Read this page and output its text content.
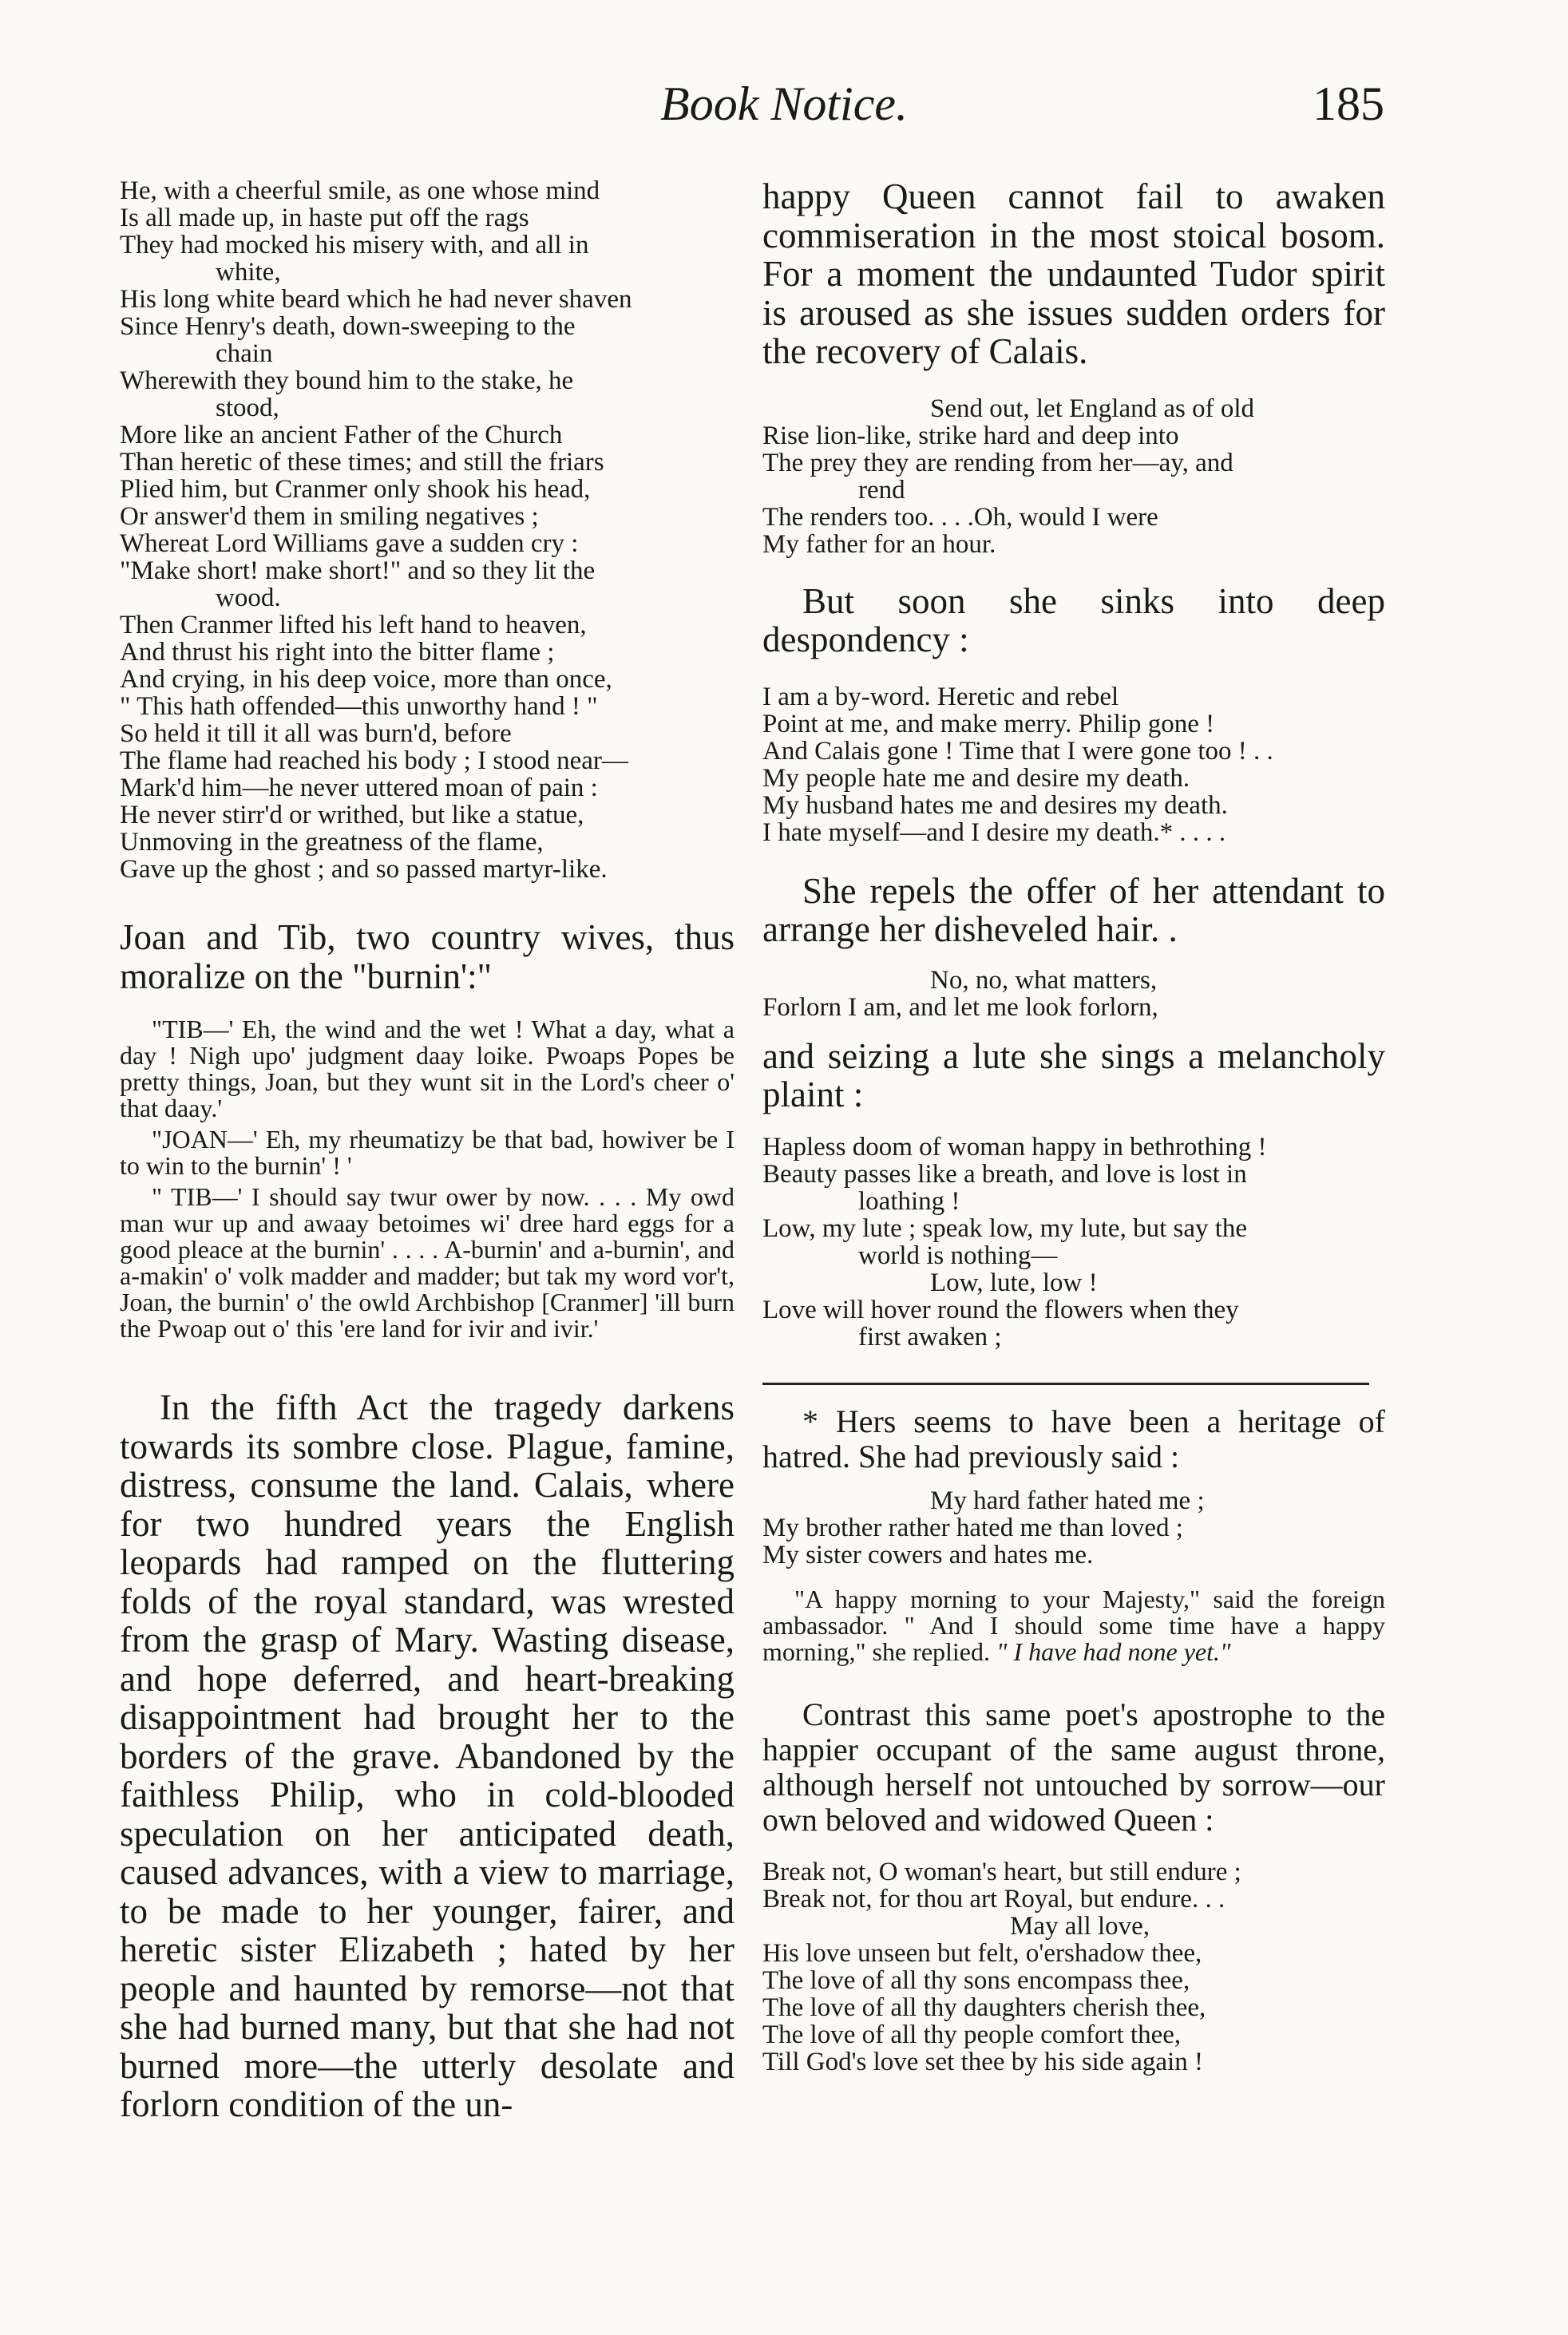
Book Notice.	185
He, with a cheerful smile, as one whose mind
Is all made up, in haste put off the rags
They had mocked his misery with, and all in
white,
His long white beard which he had never shaven
Since Henry's death, down-sweeping to the
chain
Wherewith they bound him to the stake, he
stood,
More like an ancient Father of the Church
Than heretic of these times; and still the friars
Plied him, but Cranmer only shook his head,
Or answer'd them in smiling negatives ;
Whereat Lord Williams gave a sudden cry :
"Make short! make short!" and so they lit the
wood.
Then Cranmer lifted his left hand to heaven,
And thrust his right into the bitter flame ;
And crying, in his deep voice, more than once,
" This hath offended—this unworthy hand ! "
So held it till it all was burn'd, before
The flame had reached his body ; I stood near—
Mark'd him—he never uttered moan of pain :
He never stirr'd or writhed, but like a statue,
Unmoving in the greatness of the flame,
Gave up the ghost ; and so passed martyr-like.

Joan and Tib, two country wives, thus moralize on the "burnin':"

"TIB—' Eh, the wind and the wet ! What a day, what a day ! Nigh upo' judgment daay loike. Pwoaps Popes be pretty things, Joan, but they wunt sit in the Lord's cheer o' that daay.'

"JOAN—' Eh, my rheumatizy be that bad, howiver be I to win to the burnin' ! '

" TIB—' I should say twur ower by now. . . . My owd man wur up and awaay betoimes wi' dree hard eggs for a good pleace at the burnin' . . . . A-burnin' and a-burnin', and a-makin' o' volk madder and madder; but tak my word vor't, Joan, the burnin' o' the owld Archbishop [Cranmer] 'ill burn the Pwoap out o' this 'ere land for ivir and ivir.'

In the fifth Act the tragedy darkens towards its sombre close. Plague, famine, distress, consume the land. Calais, where for two hundred years the English leopards had ramped on the fluttering folds of the royal standard, was wrested from the grasp of Mary. Wasting disease, and hope deferred, and heart-breaking disappointment had brought her to the borders of the grave. Abandoned by the faithless Philip, who in cold-blooded speculation on her anticipated death, caused advances, with a view to marriage, to be made to her younger, fairer, and heretic sister Elizabeth ; hated by her people and haunted by remorse—not that she had burned many, but that she had not burned more—the utterly desolate and forlorn condition of the un-

happy Queen cannot fail to awaken commiseration in the most stoical bosom. For a moment the undaunted Tudor spirit is aroused as she issues sudden orders for the recovery of Calais.

Send out, let England as of old
Rise lion-like, strike hard and deep into
The prey they are rending from her—ay, and
rend
The renders too. . . .Oh, would I were
My father for an hour.

But soon she sinks into deep despondency :

I am a by-word. Heretic and rebel
Point at me, and make merry. Philip gone !
And Calais gone ! Time that I were gone too ! . .
My people hate me and desire my death.
My husband hates me and desires my death.
I hate myself—and I desire my death.* . . . .

She repels the offer of her attendant to arrange her disheveled hair. .

No, no, what matters,
Forlorn I am, and let me look forlorn,

and seizing a lute she sings a melancholy plaint :

Hapless doom of woman happy in bethrothing !
Beauty passes like a breath, and love is lost in
loathing !
Low, my lute ; speak low, my lute, but say the
world is nothing—
Low, lute, low !
Love will hover round the flowers when they
first awaken ;

* Hers seems to have been a heritage of hatred. She had previously said :

My hard father hated me ;
My brother rather hated me than loved ;
My sister cowers and hates me.

"A happy morning to your Majesty," said the foreign ambassador. " And I should some time have a happy morning," she replied. " I have had none yet."

Contrast this same poet's apostrophe to the happier occupant of the same august throne, although herself not untouched by sorrow—our own beloved and widowed Queen :

Break not, O woman's heart, but still endure ;
Break not, for thou art Royal, but endure. . .
May all love,
His love unseen but felt, o'ershadow thee,
The love of all thy sons encompass thee,
The love of all thy daughters cherish thee,
The love of all thy people comfort thee,
Till God's love set thee by his side again !
